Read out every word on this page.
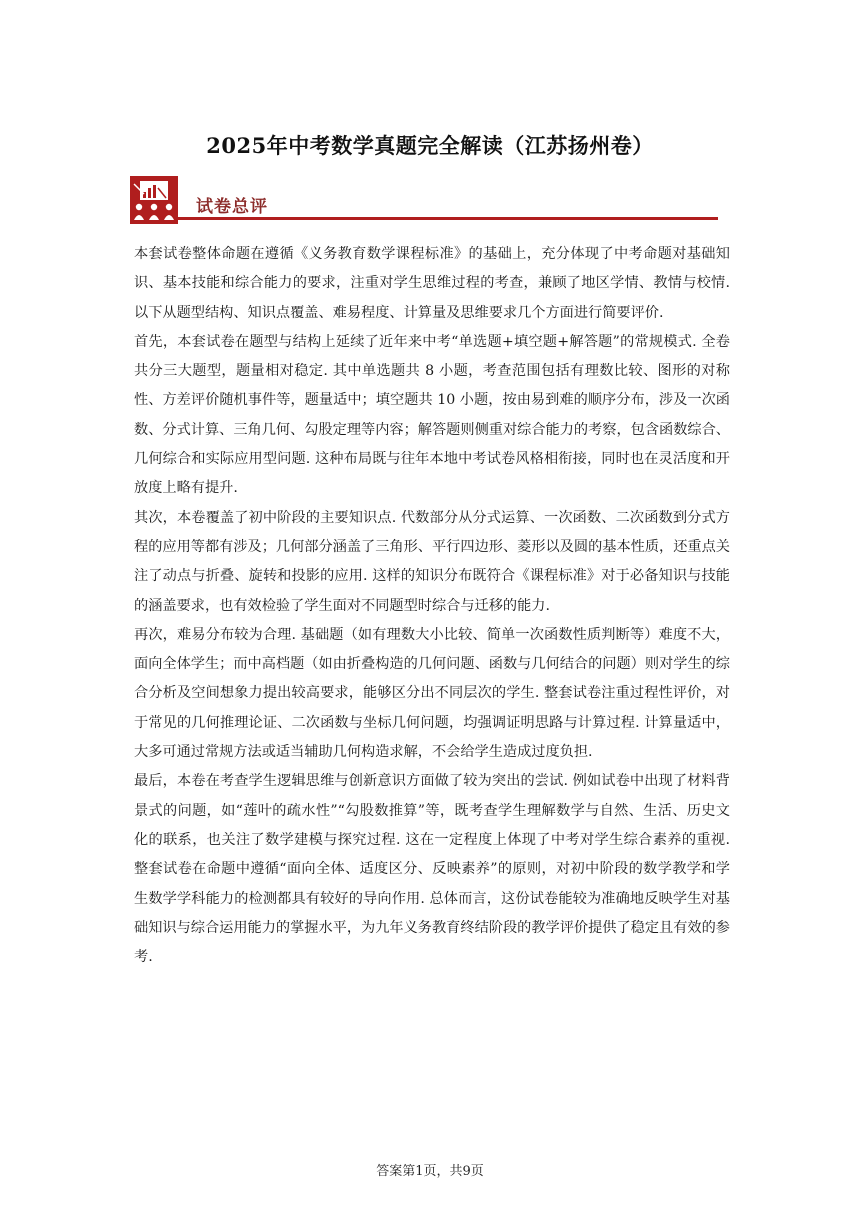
2025年中考数学真题完全解读（江苏扬州卷）
试卷总评

本套试卷整体命题在遵循《义务教育数学课程标准》的基础上，充分体现了中考命题对基础知识、基本技能和综合能力的要求，注重对学生思维过程的考查，兼顾了地区学情、教情与校情. 以下从题型结构、知识点覆盖、难易程度、计算量及思维要求几个方面进行简要评价.

首先，本套试卷在题型与结构上延续了近年来中考“单选题+填空题+解答题”的常规模式. 全卷共分三大题型，题量相对稳定. 其中单选题共 8 小题，考查范围包括有理数比较、图形的对称性、方差评价随机事件等，题量适中；填空题共 10 小题，按由易到难的顺序分布，涉及一次函数、分式计算、三角几何、勾股定理等内容；解答题则侧重对综合能力的考察，包含函数综合、几何综合和实际应用型问题. 这种布局既与往年本地中考试卷风格相衔接，同时也在灵活度和开放度上略有提升.

其次，本卷覆盖了初中阶段的主要知识点. 代数部分从分式运算、一次函数、二次函数到分式方程的应用等都有涉及；几何部分涵盖了三角形、平行四边形、菱形以及圆的基本性质，还重点关注了动点与折叠、旋转和投影的应用. 这样的知识分布既符合《课程标准》对于必备知识与技能的涵盖要求，也有效检验了学生面对不同题型时综合与迁移的能力.

再次，难易分布较为合理. 基础题（如有理数大小比较、简单一次函数性质判断等）难度不大，面向全体学生；而中高档题（如由折叠构造的几何问题、函数与几何结合的问题）则对学生的综合分析及空间想象力提出较高要求，能够区分出不同层次的学生. 整套试卷注重过程性评价，对于常见的几何推理论证、二次函数与坐标几何问题，均强调证明思路与计算过程. 计算量适中，大多可通过常规方法或适当辅助几何构造求解，不会给学生造成过度负担.

最后，本卷在考查学生逻辑思维与创新意识方面做了较为突出的尝试. 例如试卷中出现了材料背景式的问题，如“莲叶的疏水性”“勾股数推算”等，既考查学生理解数学与自然、生活、历史文化的联系，也关注了数学建模与探究过程. 这在一定程度上体现了中考对学生综合素养的重视. 整套试卷在命题中遵循“面向全体、适度区分、反映素养”的原则，对初中阶段的数学教学和学生数学学科能力的检测都具有较好的导向作用. 总体而言，这份试卷能较为准确地反映学生对基础知识与综合运用能力的掌握水平，为九年义务教育终结阶段的教学评价提供了稳定且有效的参考.

答案第1页，共9页
